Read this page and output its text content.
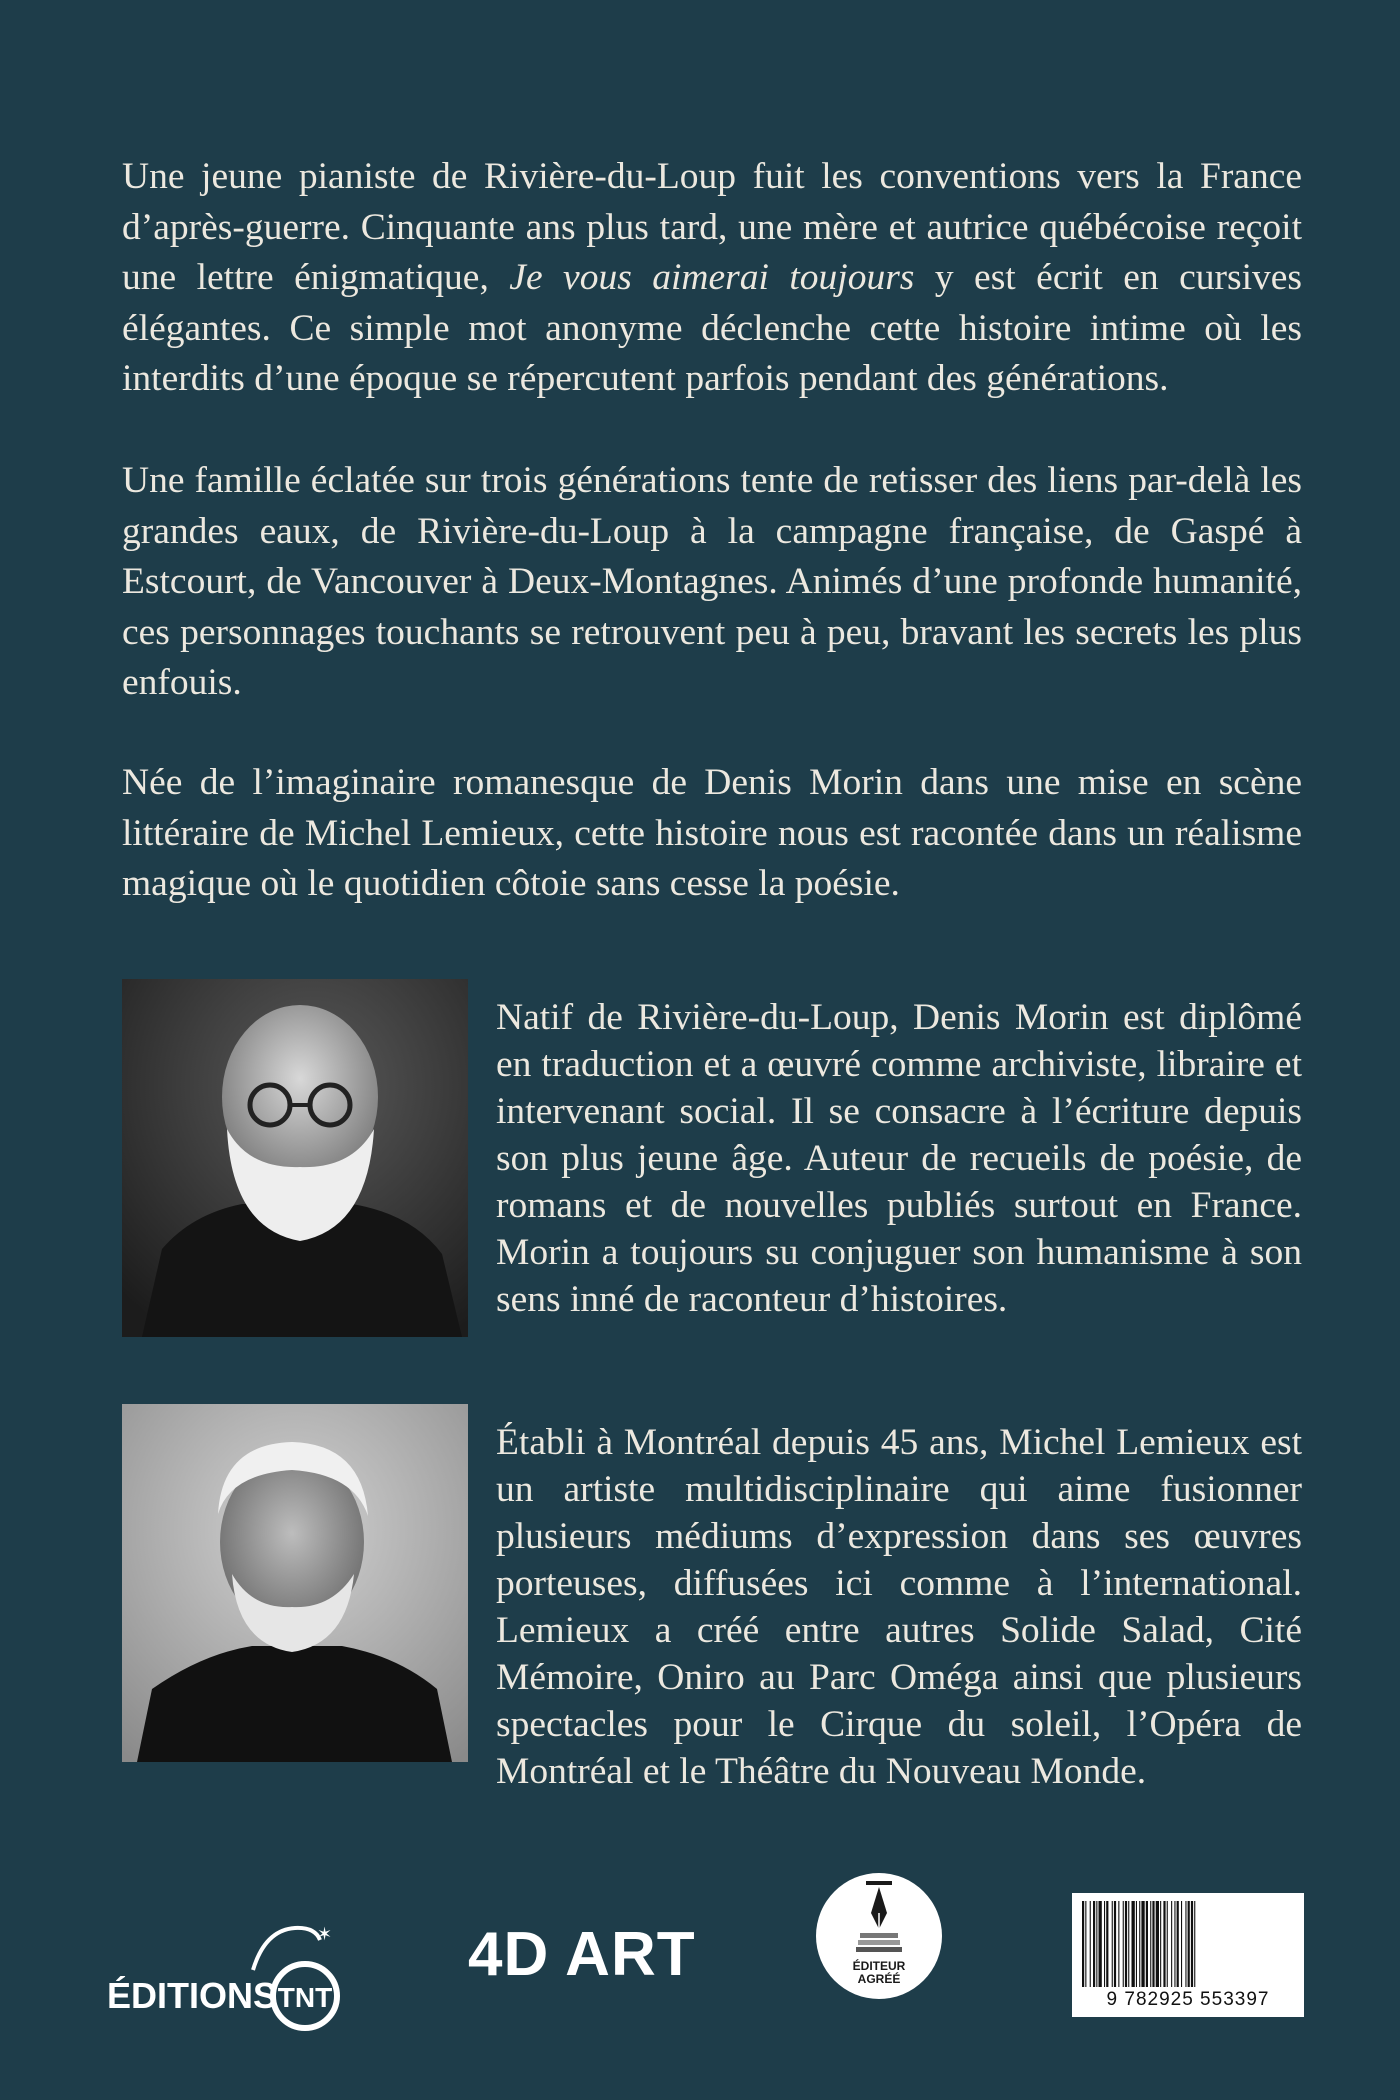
Une jeune pianiste de Rivière-du-Loup fuit les conventions vers la France d’après-guerre. Cinquante ans plus tard, une mère et autrice québécoise reçoit une lettre énigmatique, Je vous aimerai toujours y est écrit en cursives élégantes. Ce simple mot anonyme déclenche cette histoire intime où les interdits d’une époque se répercutent parfois pendant des générations.

Une famille éclatée sur trois générations tente de retisser des liens par-delà les grandes eaux, de Rivière-du-Loup à la campagne française, de Gaspé à Estcourt, de Vancouver à Deux-Montagnes. Animés d’une profonde humanité, ces personnages touchants se retrouvent peu à peu, bravant les secrets les plus enfouis.

Née de l’imaginaire romanesque de Denis Morin dans une mise en scène littéraire de Michel Lemieux, cette histoire nous est racontée dans un réalisme magique où le quotidien côtoie sans cesse la poésie.

Natif de Rivière-du-Loup, Denis Morin est diplômé en traduction et a œuvré comme archiviste, libraire et intervenant social. Il se consacre à l’écriture depuis son plus jeune âge. Auteur de recueils de poésie, de romans et de nouvelles publiés surtout en France. Morin a toujours su conjuguer son humanisme à son sens inné de raconteur d’histoires.

Établi à Montréal depuis 45 ans, Michel Lemieux est un artiste multidisciplinaire qui aime fusionner plusieurs médiums d’expression dans ses œuvres porteuses, diffusées ici comme à l’international. Lemieux a créé entre autres Solide Salad, Cité Mémoire, Oniro au Parc Oméga ainsi que plusieurs spectacles pour le Cirque du soleil, l’Opéra de Montréal et le Théâtre du Nouveau Monde.

✶
ÉDITIONS TNT
4D ART	ÉDITEUR
AGRÉÉ
9 782925 553397
